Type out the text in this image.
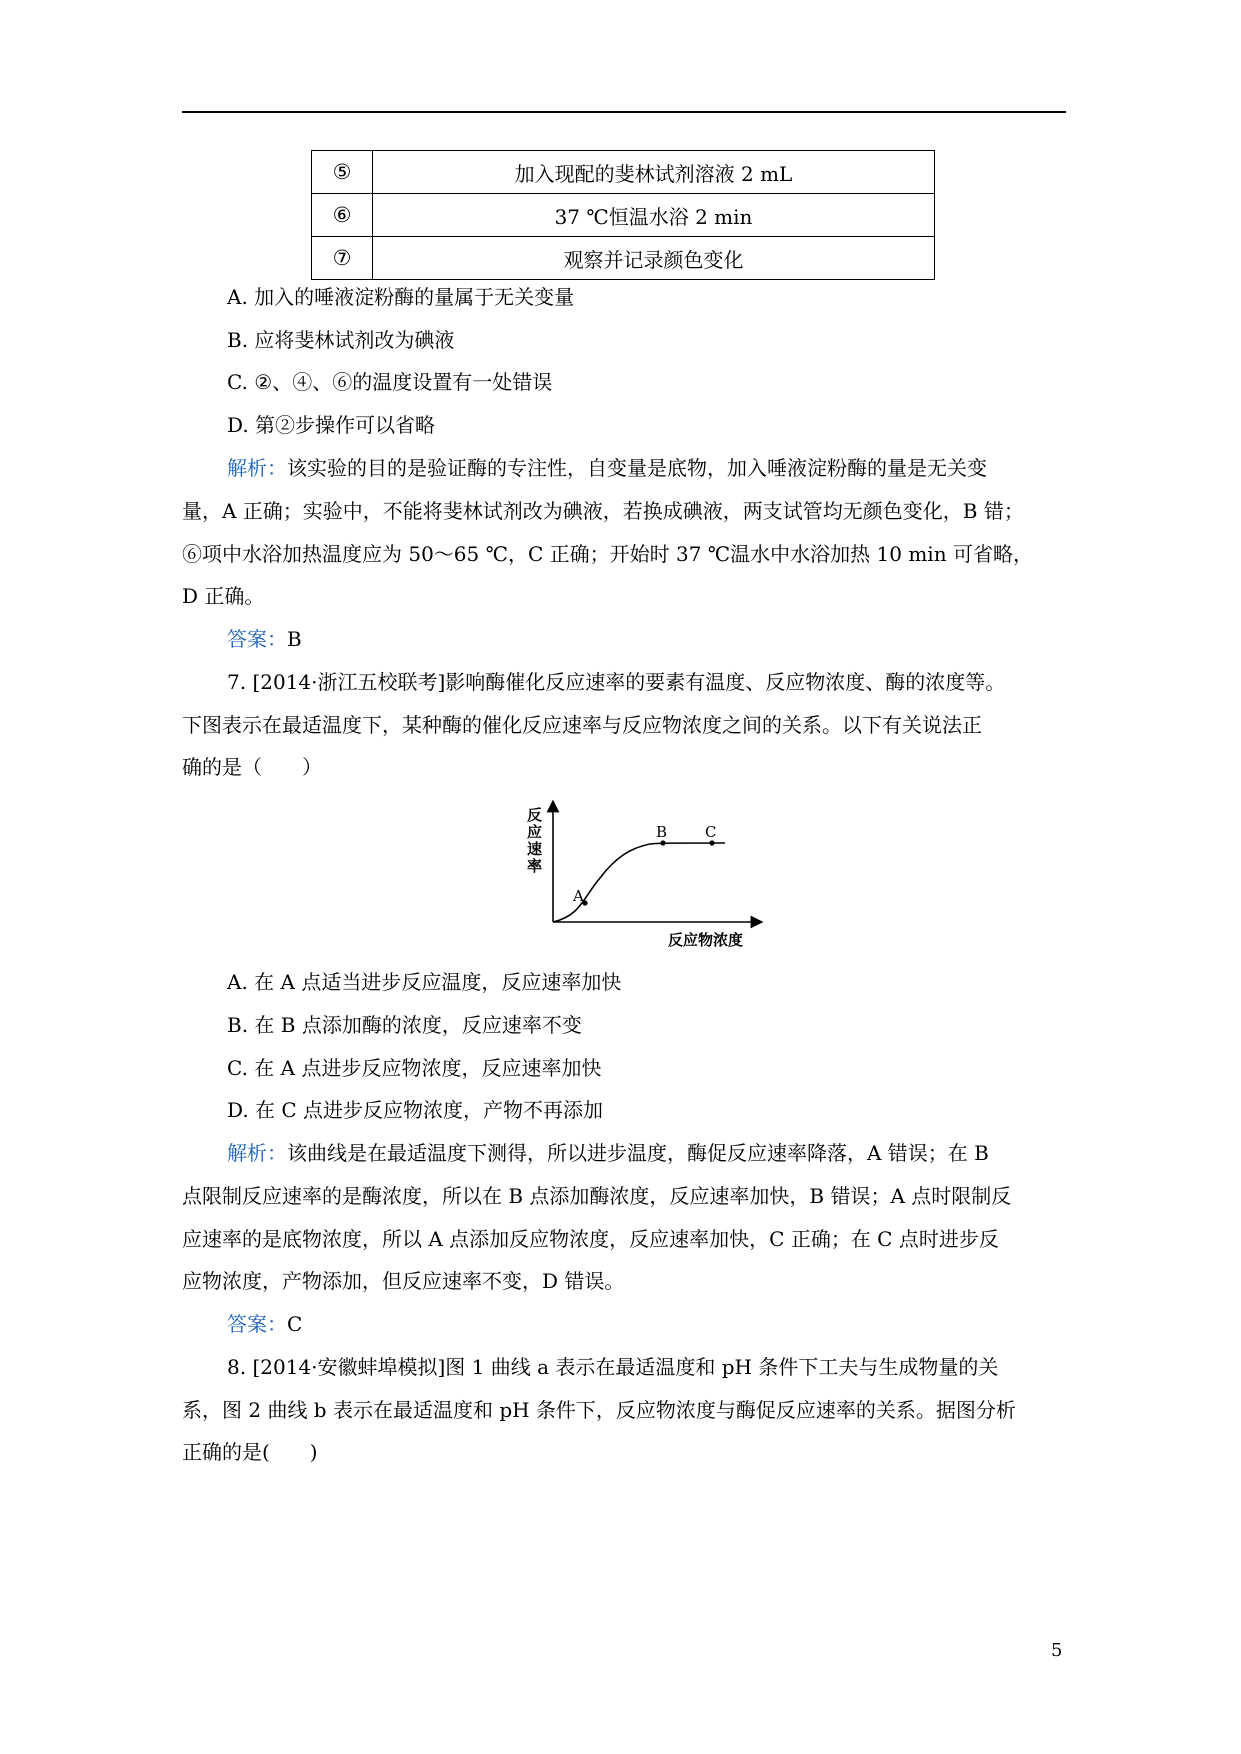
⑤	加入现配的斐林试剂溶液 2 mL
⑥	37 ℃恒温水浴 2 min
⑦	观察并记录颜色变化
A. 加入的唾液淀粉酶的量属于无关变量
B. 应将斐林试剂改为碘液
C. ②、④、⑥的温度设置有一处错误
D. 第②步操作可以省略
解析：该实验的目的是验证酶的专注性，自变量是底物，加入唾液淀粉酶的量是无关变
量，A 正确；实验中，不能将斐林试剂改为碘液，若换成碘液，两支试管均无颜色变化，B 错；
⑥项中水浴加热温度应为 50～65 ℃，C 正确；开始时 37 ℃温水中水浴加热 10 min 可省略，
D 正确。
答案：B
7. [2014·浙江五校联考]影响酶催化反应速率的要素有温度、反应物浓度、酶的浓度等。
下图表示在最适温度下，某种酶的催化反应速率与反应物浓度之间的关系。以下有关说法正
确的是（　　）
A
B	C
反
应
速
率
反应物浓度
A. 在 A 点适当进步反应温度，反应速率加快
B. 在 B 点添加酶的浓度，反应速率不变
C. 在 A 点进步反应物浓度，反应速率加快
D. 在 C 点进步反应物浓度，产物不再添加
解析：该曲线是在最适温度下测得，所以进步温度，酶促反应速率降落，A 错误；在 B
点限制反应速率的是酶浓度，所以在 B 点添加酶浓度，反应速率加快，B 错误；A 点时限制反
应速率的是底物浓度，所以 A 点添加反应物浓度，反应速率加快，C 正确；在 C 点时进步反
应物浓度，产物添加，但反应速率不变，D 错误。
答案：C
8. [2014·安徽蚌埠模拟]图 1 曲线 a 表示在最适温度和 pH 条件下工夫与生成物量的关
系，图 2 曲线 b 表示在最适温度和 pH 条件下，反应物浓度与酶促反应速率的关系。据图分析
正确的是(　　)
5
